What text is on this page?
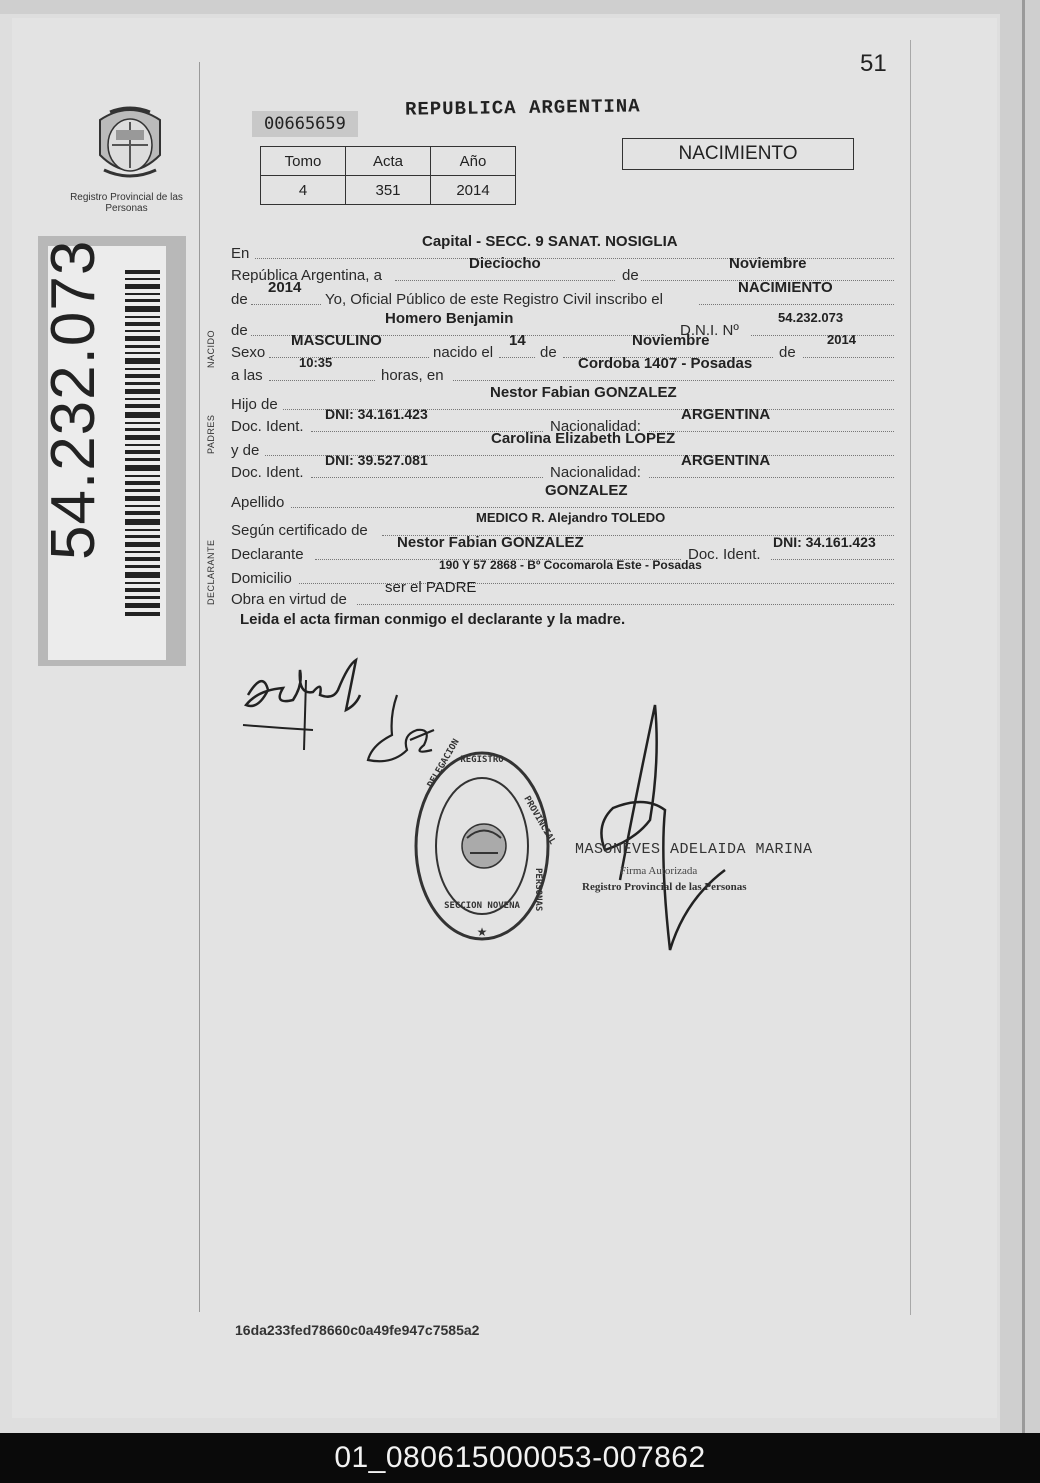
51
Registro Provincial de las Personas
00665659
REPUBLICA ARGENTINA
Tomo	Acta	Año
4	351	2014
NACIMIENTO
54.232.073	NACIDO
PADRES
DECLARANTE
En
Capital - SECC. 9 SANAT. NOSIGLIA
República Argentina, a
Dieciocho
de
Noviembre
de
2014
Yo, Oficial Público de este Registro Civil inscribo el
NACIMIENTO
de
Homero Benjamin
D.N.I. Nº
54.232.073
Sexo
MASCULINO
nacido el
14
de
Noviembre
de
2014
a las
10:35
horas, en
Cordoba 1407 - Posadas
Hijo de
Nestor Fabian GONZALEZ
Doc. Ident.
DNI: 34.161.423
Nacionalidad:
ARGENTINA
y de
Carolina Elizabeth LOPEZ
Doc. Ident.
DNI: 39.527.081
Nacionalidad:
ARGENTINA
Apellido
GONZALEZ
Según certificado de
MEDICO R. Alejandro TOLEDO
Declarante
Nestor Fabian GONZALEZ
Doc. Ident.
DNI: 34.161.423
Domicilio
190 Y 57 2868 - Bº Cocomarola Este - Posadas
Obra en virtud de
ser el PADRE
Leida el acta firman conmigo el declarante y la madre.
★
DELEGACION
REGISTRO
PROVINCIAL
PERSONAS
SECCION NOVENA
MASONEVES ADELAIDA MARINA
Firma Autorizada
Registro Provincial de las Personas
16da233fed78660c0a49fe947c7585a2
01_080615000053-007862
